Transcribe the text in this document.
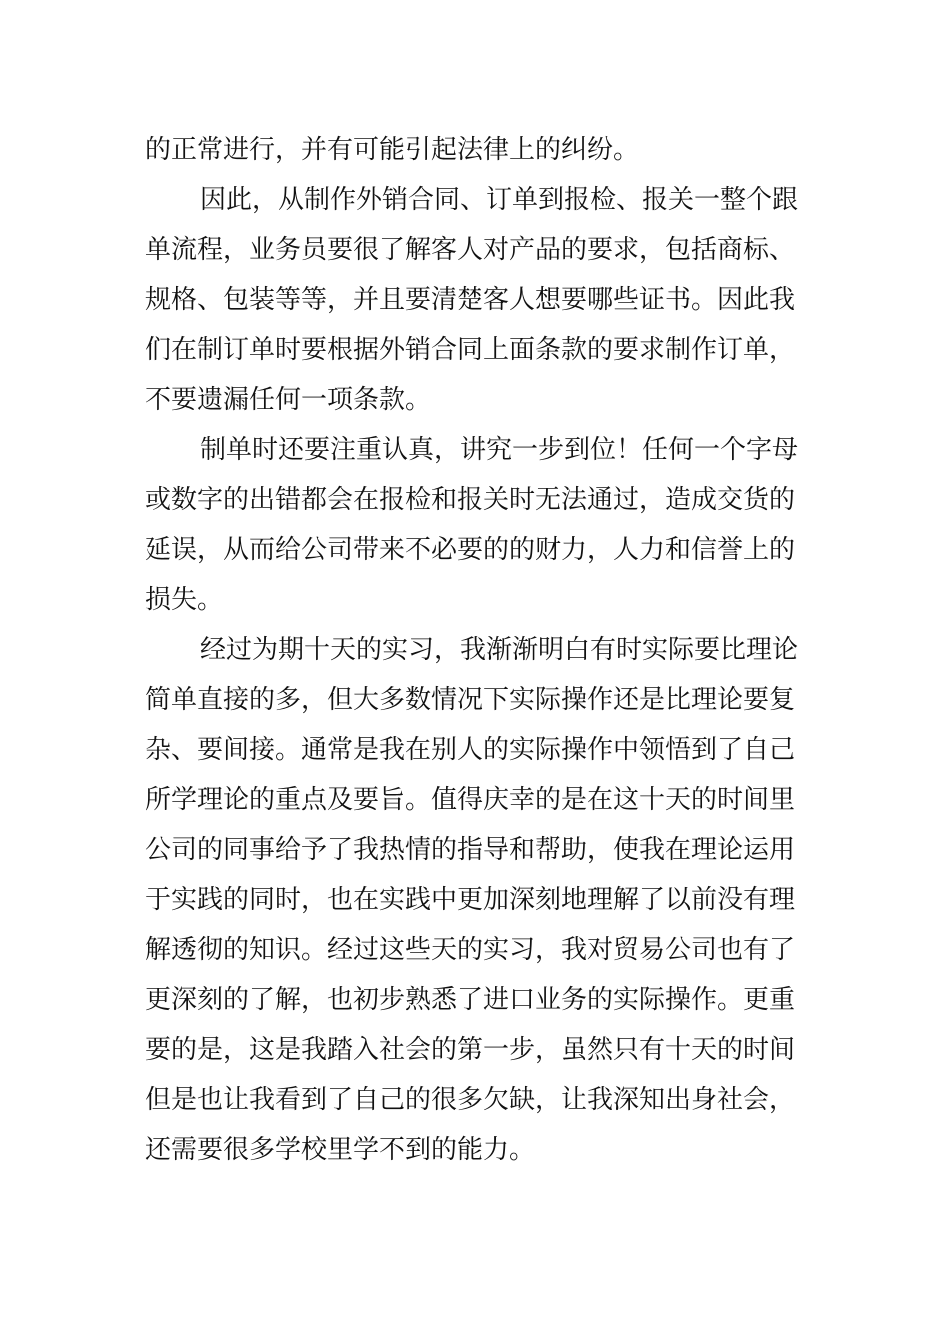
的正常进行，并有可能引起法律上的纠纷。
因此，从制作外销合同、订单到报检、报关一整个跟
单流程，业务员要很了解客人对产品的要求，包括商标、
规格、包装等等，并且要清楚客人想要哪些证书。因此我
们在制订单时要根据外销合同上面条款的要求制作订单，
不要遗漏任何一项条款。
制单时还要注重认真，讲究一步到位！任何一个字母
或数字的出错都会在报检和报关时无法通过，造成交货的
延误，从而给公司带来不必要的的财力，人力和信誉上的
损失。
经过为期十天的实习，我渐渐明白有时实际要比理论
简单直接的多，但大多数情况下实际操作还是比理论要复
杂、要间接。通常是我在别人的实际操作中领悟到了自己
所学理论的重点及要旨。值得庆幸的是在这十天的时间里
公司的同事给予了我热情的指导和帮助，使我在理论运用
于实践的同时，也在实践中更加深刻地理解了以前没有理
解透彻的知识。经过这些天的实习，我对贸易公司也有了
更深刻的了解，也初步熟悉了进口业务的实际操作。更重
要的是，这是我踏入社会的第一步，虽然只有十天的时间
但是也让我看到了自己的很多欠缺，让我深知出身社会，
还需要很多学校里学不到的能力。
